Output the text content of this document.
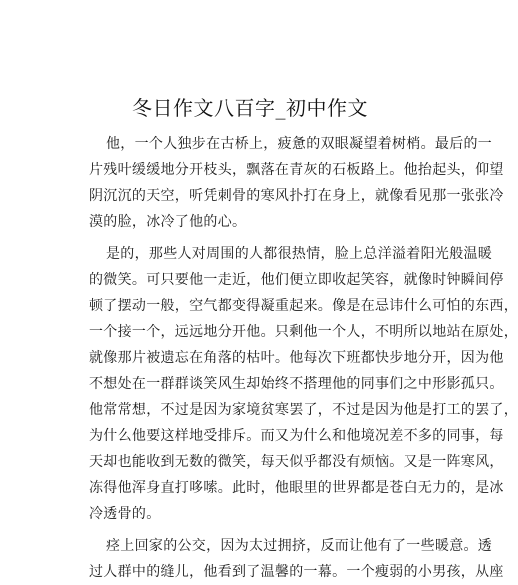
冬日作文八百字_初中作文
他，一个人独步在古桥上，疲惫的双眼凝望着树梢。最后的一
片残叶缓缓地分开枝头，飘落在青灰的石板路上。他抬起头，仰望
阴沉沉的天空，听凭刺骨的寒风扑打在身上，就像看见那一张张冷
漠的脸，冰冷了他的心。
是的，那些人对周围的人都很热情，脸上总洋溢着阳光般温暖
的微笑。可只要他一走近，他们便立即收起笑容，就像时钟瞬间停
顿了摆动一般，空气都变得凝重起来。像是在忌讳什么可怕的东西，
一个接一个，远远地分开他。只剩他一个人，不明所以地站在原处，
就像那片被遗忘在角落的枯叶。他每次下班都快步地分开，因为他
不想处在一群群谈笑风生却始终不搭理他的同事们之中形影孤只。
他常常想，不过是因为家境贫寒罢了，不过是因为他是打工的罢了，
为什么他要这样地受排斥。而又为什么和他境况差不多的同事，每
天却也能收到无数的微笑，每天似乎都没有烦恼。又是一阵寒风，
冻得他浑身直打哆嗦。此时，他眼里的世界都是苍白无力的，是冰
冷透骨的。
痉上回家的公交，因为太过拥挤，反而让他有了一些暖意。透
过人群中的缝儿，他看到了温馨的一幕。一个瘦弱的小男孩，从座
